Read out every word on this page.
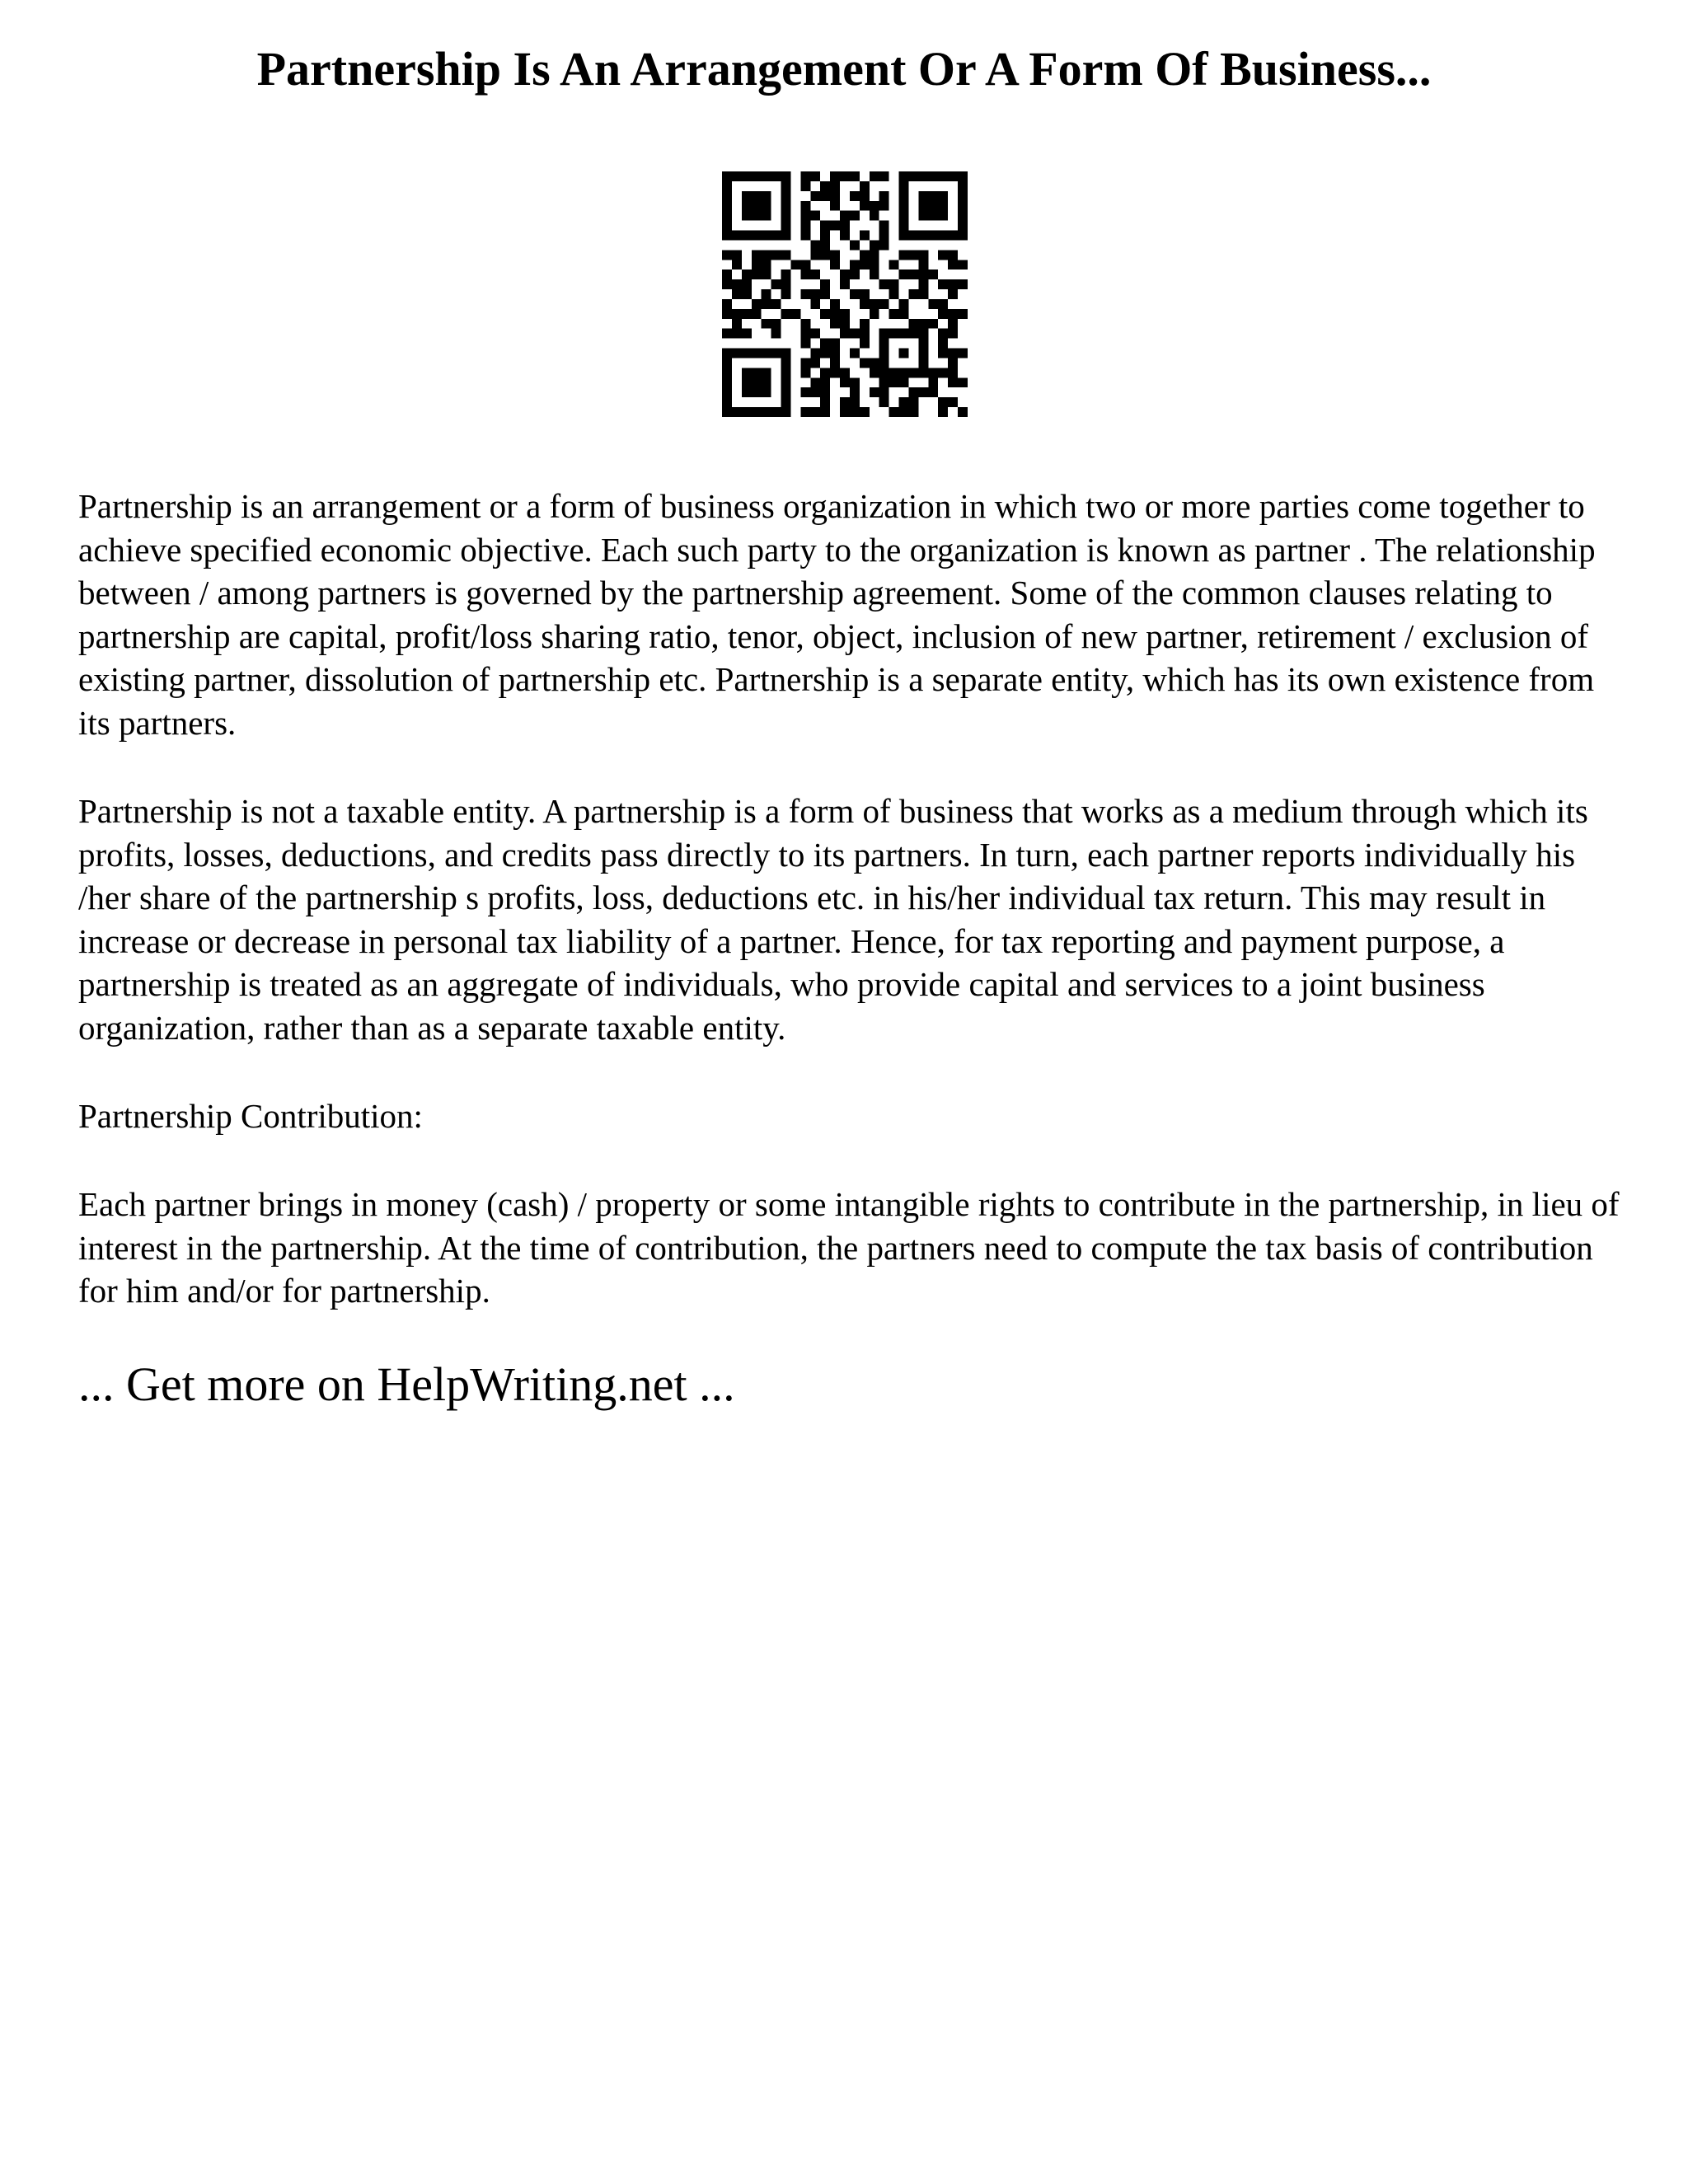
Partnership Is An Arrangement Or A Form Of Business...

Partnership is an arrangement or a form of business organization in which two or more parties come together to achieve specified economic objective. Each such party to the organization is known as partner . The relationship between / among partners is governed by the partnership agreement. Some of the common clauses relating to partnership are capital, profit/loss sharing ratio, tenor, object, inclusion of new partner, retirement / exclusion of existing partner, dissolution of partnership etc. Partnership is a separate entity, which has its own existence from its partners.

Partnership is not a taxable entity. A partnership is a form of business that works as a medium through which its profits, losses, deductions, and credits pass directly to its partners. In turn, each partner reports individually his /her share of the partnership s profits, loss, deductions etc. in his/her individual tax return. This may result in increase or decrease in personal tax liability of a partner. Hence, for tax reporting and payment purpose, a partnership is treated as an aggregate of individuals, who provide capital and services to a joint business organization, rather than as a separate taxable entity.

Partnership Contribution:

Each partner brings in money (cash) / property or some intangible rights to contribute in the partnership, in lieu of interest in the partnership. At the time of contribution, the partners need to compute the tax basis of contribution for him and/or for partnership.

... Get more on HelpWriting.net ...
